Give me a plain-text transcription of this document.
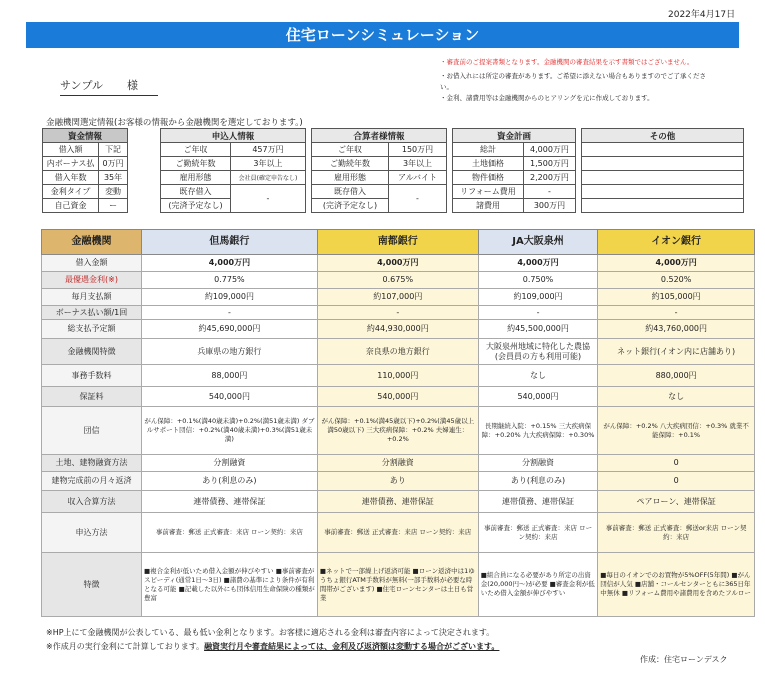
2022年4月17日
住宅ローンシミュレーション
・審査前のご提案書類となります。金融機関の審査結果を示す書類ではございません。
・お借入れには所定の審査があります。ご希望に添えない場合もありますのでご了承くださ
い。
・金利、諸費用等は金融機関からのヒアリングを元に作成しております。
サンプル 様
金融機関選定情報(お客様の情報から金融機関を選定しております。)
資金情報	
借入額	下記
内ボーナス払	0万円
借入年数	35年
金利タイプ	変動
自己資金	ー
申込人情報	
ご年収	457万円
ご勤続年数	3年以上
雇用形態	会社員(確定申告なし)
既存借入	-
(完済予定なし)	
合算者様情報	
ご年収	150万円
ご勤続年数	3年以上
雇用形態	アルバイト
既存借入	-
(完済予定なし)	
資金計画	
総計	4,000万円
土地価格	1,500万円
物件価格	2,200万円
リフォーム費用	-
諸費用	300万円
その他

金融機関	但馬銀行	南都銀行	JA大阪泉州	イオン銀行
借入金額	4,000万円	4,000万円	4,000万円	4,000万円
最優遇金利(※)	0.775%	0.675%	0.750%	0.520%
毎月支払額	約109,000円	約107,000円	約109,000円	約105,000円
ボーナス払い額/1回	-	-	-	-
総支払予定額	約45,690,000円	約44,930,000円	約45,500,000円	約43,760,000円
金融機関特徴	兵庫県の地方銀行	奈良県の地方銀行	大阪泉州地域に特化した農協(会員員の方も利用可能)	ネット銀行(イオン内に店舗あり)
事務手数料	88,000円	110,000円	なし	880,000円
保証料	540,000円	540,000円	540,000円	なし
団信	がん保障：+0.1%(満40歳未満)+0.2%(満51歳未満) ダブルサポート団信：+0.2%(満40歳未満)+0.3%(満51歳未満)	がん保障：+0.1%(満45歳以下)+0.2%(満45歳以上満50歳以下) 三大疾病保障：+0.2% 夫婦連生：+0.2%	長期継続入院：+0.15% 三大疾病保障：+0.20% 九大疾病保障：+0.30%	がん保障：+0.2% 八大疾病団信：+0.3% 就業不能保障：+0.1%
土地、建物融資方法	分割融資	分割融資	分割融資	0
建物完成前の月々返済	あり(利息のみ)	あり	あり(利息のみ)	0
収入合算方法	連帯債務、連帯保証	連帯債務、連帯保証	連帯債務、連帯保証	ペアローン、連帯保証
申込方法	事前審査：郵送 正式審査：来店 ローン契約：来店	事前審査：郵送 正式審査：来店 ローン契約：来店	事前審査：郵送 正式審査：来店 ローン契約：来店	事前審査：郵送 正式審査：郵送or来店 ローン契約：来店
特徴	■複合金利が低いため借入金額が伸びやすい ■事前審査がスピーディ(通常1日〜3日) ■諸費の基準により条件が有利となる可能 ■記載した以外にも団体信用生命保険の種類が豊富	■ネットで一部繰上げ返済可能 ■ローン返済中は1ゆうちょ銀行ATM手数料が無料(一部手数料が必要な時間帯がございます) ■住宅ローンセンターは土日も営業	■組合員になる必要があり所定の出資金(20,000円〜)が必要 ■審査金利が低いため借入金額が伸びやすい	■毎日のイオンでのお買物が5%OFF(5年間) ■がん団信が人気 ■店舗・コールセンターともに365日年中無休 ■リフォーム費用や諸費用を含めたフルロー
※HP上にて金融機関が公表している、最も低い金利となります。お客様に適応される金利は審査内容によって決定されます。
※作成月の実行金利にて計算しております。融資実行月や審査結果によっては、金利及び返済額は変動する場合がございます。
作成：住宅ローンデスク
